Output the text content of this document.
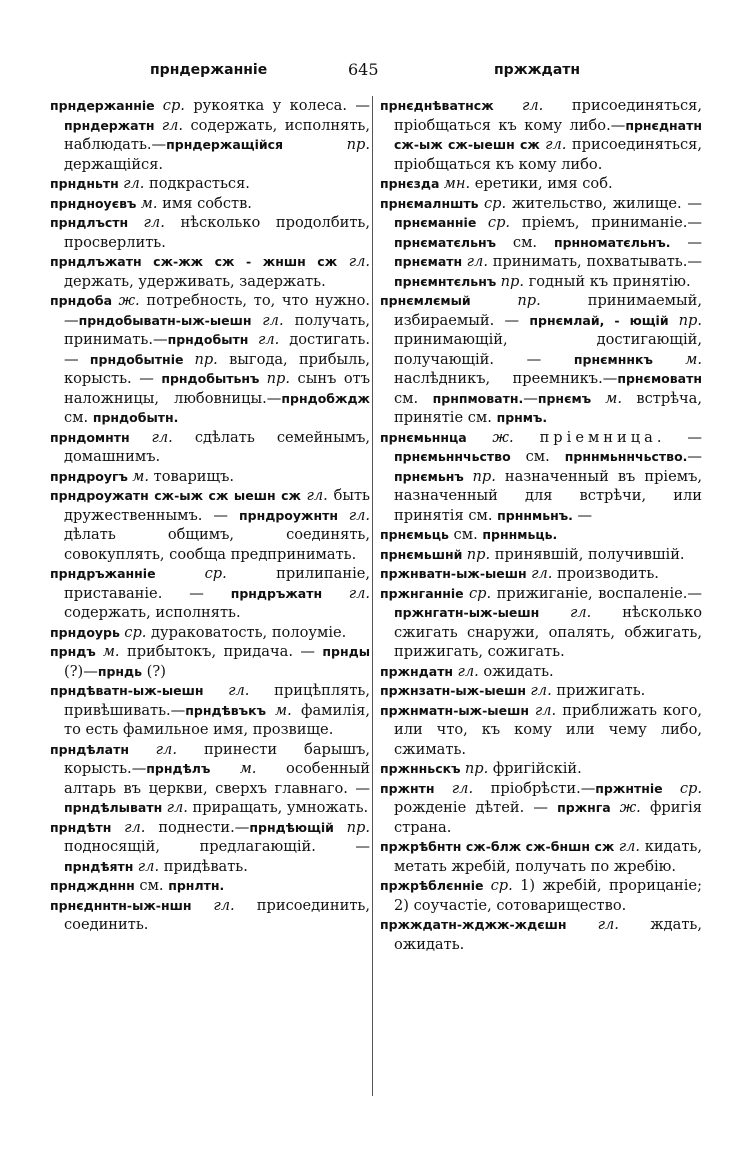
прндержанніе	645	пржждатн

прндержанніе ср. рукоятка у колеса. —прндержатн гл. содержать, исполнять, наблюдать.—прндержащійся пр. держащійся.

прндньтн гл. подкрасться.

прндноуєвъ м. имя собств.

прндлъстн гл. нѣсколько продолбить, просверлить.

прндлъжатн сж-жж сж - жншн сж гл. держать, удерживать, задержать.

прндоба ж. потребность, то, что нужно.—прндобыватн-ыж-ыешн гл. получать, принимать.—прндобытн гл. достигать. — прндобытніе пр. выгода, прибыль, корысть. — прндобытьнъ пр. сынъ отъ наложницы, любовницы.—прндобждж см. прндобытн.

прндомнтн гл. сдѣлать семейнымъ, домашнимъ.

прндроугъ м. товарищъ.

прндроужатн сж-ыж сж ыешн сж гл. быть дружественнымъ. — прндроужнтн гл. дѣлать общимъ, соединять, совокуплять, сообща предпринимать.

прндръжанніе ср. прилипаніе, приставаніе. — прндръжатн гл. содержать, исполнять.

прндоурь ср. дураковатость, полоуміе.

прндъ м. прибытокъ, придача. — прнды (?)—прндь (?)

прндѣватн-ыж-ыешн гл. прицѣплять, привѣшивать.—прндѣвъкъ м. фамилія, то есть фамильное имя, прозвище.

прндѣлатн гл. принести барышъ, корысть.—прндѣлъ м. особенный алтарь въ церкви, сверхъ главнаго. —прндѣлыватн гл. приращать, умножать.

прндѣтн гл. поднести.—прндѣющій пр. подносящій, предлагающій. — прндѣятн гл. придѣвать.

прндждннн см. прнлтн.

прнєдннтн-ыж-ншн гл. присоединить, соединить.

прнєднѣватнсж гл. присоединяться, пріобщаться къ кому либо.—прнєднатн сж-ыж сж-ыешн сж гл. присоединяться, пріобщаться къ кому либо.

прнєзда мн. еретики, имя соб.

прнємалншть ср. жительство, жилище. — прнєманніе ср. пріемъ, приниманіе.—прнєматєльнъ см. прнноматєльнъ. — прнєматн гл. принимать, похватывать.—прнємнтєльнъ пр. годный къ принятію.

прнємлємый пр. принимаемый, избираемый. — прнємлай, - ющій пр. принимающій, достигающій, получающій. — прнємннкъ м. наслѣдникъ, преемникъ.—прнємоватн см. прнпмоватн.—прнємъ м. встрѣча, принятіе см. прнмъ.

прнємьннца ж. пріемница. — прнємьннчьство см. прннмьннчьство.—прнємьнъ пр. назначенный въ пріемъ, назначенный для встрѣчи, или принятія см. прннмьнъ. —

прнємьць см. прннмьць.

прнємьшнй пр. принявшій, получившій.

пржнватн-ыж-ыешн гл. производить.

пржнганніе ср. прижиганіе, воспаленіе.—пржнгатн-ыж-ыешн гл. нѣсколько сжигать снаружи, опалять, обжигать, прижигать, сожигать.

пржндатн гл. ожидать.

пржнзатн-ыж-ыешн гл. прижигать.

пржнматн-ыж-ыешн гл. приближать кого, или что, къ кому или чему либо, сжимать.

пржнньскъ пр. фригійскій.

пржнтн гл. пріобрѣсти.—пржнтніе ср. рожденіе дѣтей. — пржнга ж. фригія страна.

пржрѣбнтн сж-блж сж-бншн сж гл. кидать, метать жребій, получать по жребію.

пржрѣблєнніе ср. 1) жребій, прорицаніе; 2) соучастіе, сотоварищество.

пржждатн-жджж-ждєшн гл. ждать, ожидать.
